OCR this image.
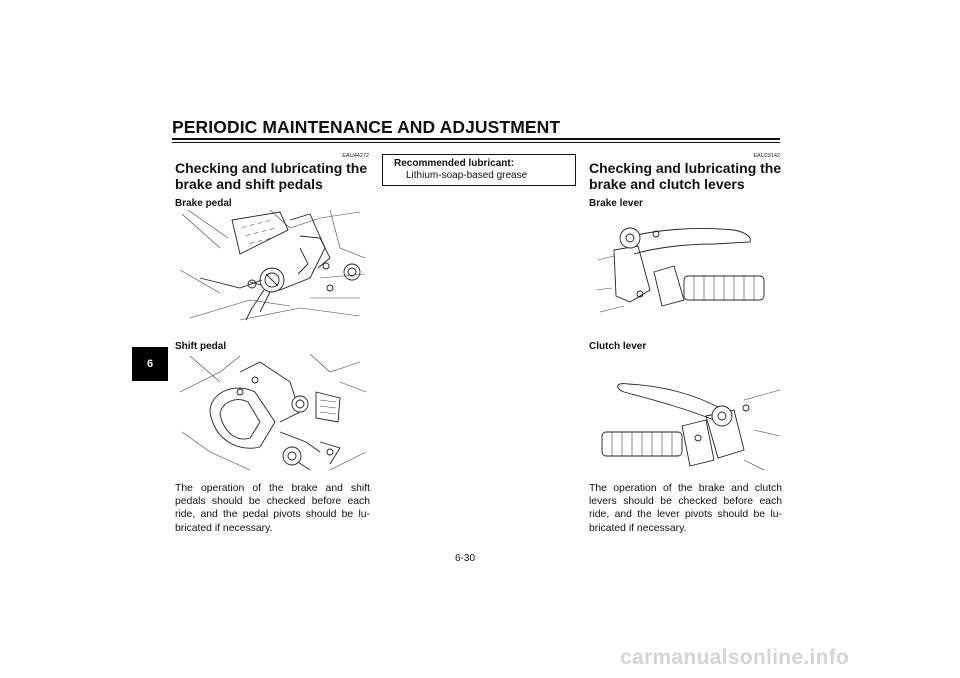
PERIODIC MAINTENANCE AND ADJUSTMENT
6
EAU44272
Checking and lubricating the brake and shift pedals
Brake pedal
Shift pedal
The operation of the brake and shift pedals should be checked before each ride, and the pedal pivots should be lu-bricated if necessary.
Recommended lubricant:
Lithium-soap-based grease
EAU23142
Checking and lubricating the brake and clutch levers
Brake lever
Clutch lever
The operation of the brake and clutch levers should be checked before each ride, and the lever pivots should be lu-bricated if necessary.
6-30
carmanualsonline.info
